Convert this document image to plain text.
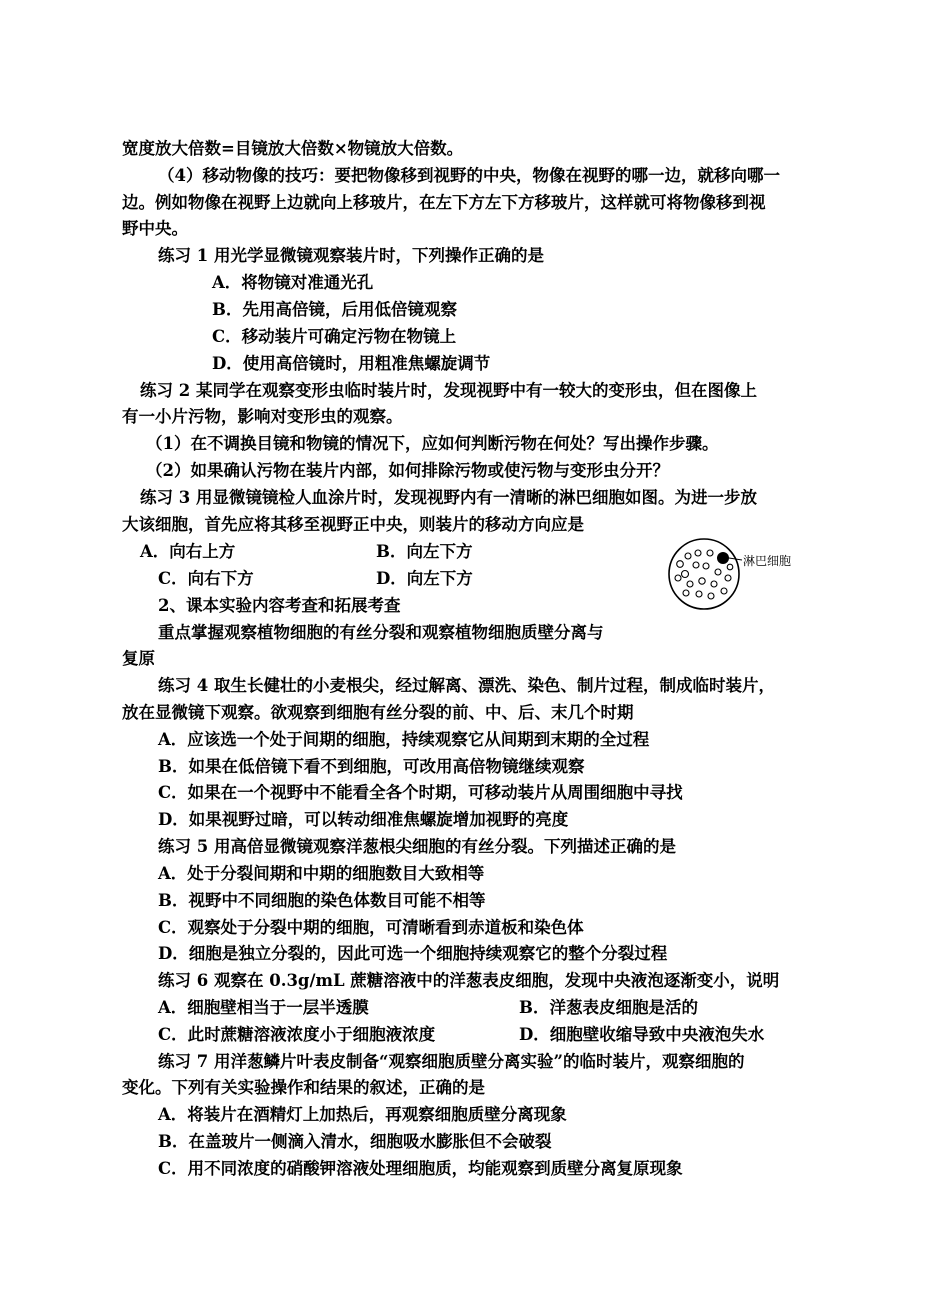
宽度放大倍数=目镜放大倍数×物镜放大倍数。
（4）移动物像的技巧：要把物像移到视野的中央，物像在视野的哪一边，就移向哪一
边。例如物像在视野上边就向上移玻片，在左下方左下方移玻片，这样就可将物像移到视
野中央。
练习 1 用光学显微镜观察装片时，下列操作正确的是
A．将物镜对准通光孔
B．先用高倍镜，后用低倍镜观察
C．移动装片可确定污物在物镜上
D．使用高倍镜时，用粗准焦螺旋调节
练习 2 某同学在观察变形虫临时装片时，发现视野中有一较大的变形虫，但在图像上
有一小片污物，影响对变形虫的观察。
（1）在不调换目镜和物镜的情况下，应如何判断污物在何处？写出操作步骤。
（2）如果确认污物在装片内部，如何排除污物或使污物与变形虫分开？
练习 3 用显微镜镜检人血涂片时，发现视野内有一清晰的淋巴细胞如图。为进一步放
大该细胞，首先应将其移至视野正中央，则装片的移动方向应是
A．向右上方	B．向左下方
C．向右下方	D．向左下方
淋巴细胞
2、课本实验内容考查和拓展考查
重点掌握观察植物细胞的有丝分裂和观察植物细胞质壁分离与
复原
练习 4 取生长健壮的小麦根尖，经过解离、漂洗、染色、制片过程，制成临时装片，
放在显微镜下观察。欲观察到细胞有丝分裂的前、中、后、末几个时期
A．应该选一个处于间期的细胞，持续观察它从间期到末期的全过程
B．如果在低倍镜下看不到细胞，可改用高倍物镜继续观察
C．如果在一个视野中不能看全各个时期，可移动装片从周围细胞中寻找
D．如果视野过暗，可以转动细准焦螺旋增加视野的亮度
练习 5 用高倍显微镜观察洋葱根尖细胞的有丝分裂。下列描述正确的是
A．处于分裂间期和中期的细胞数目大致相等
B．视野中不同细胞的染色体数目可能不相等
C．观察处于分裂中期的细胞，可清晰看到赤道板和染色体
D．细胞是独立分裂的，因此可选一个细胞持续观察它的整个分裂过程
练习 6 观察在 0.3g/mL 蔗糖溶液中的洋葱表皮细胞，发现中央液泡逐渐变小，说明
A．细胞壁相当于一层半透膜	B．洋葱表皮细胞是活的
C．此时蔗糖溶液浓度小于细胞液浓度	D．细胞壁收缩导致中央液泡失水
练习 7 用洋葱鳞片叶表皮制备“观察细胞质壁分离实验”的临时装片，观察细胞的
变化。下列有关实验操作和结果的叙述，正确的是
A．将装片在酒精灯上加热后，再观察细胞质壁分离现象
B．在盖玻片一侧滴入清水，细胞吸水膨胀但不会破裂
C．用不同浓度的硝酸钾溶液处理细胞质，均能观察到质壁分离复原现象
